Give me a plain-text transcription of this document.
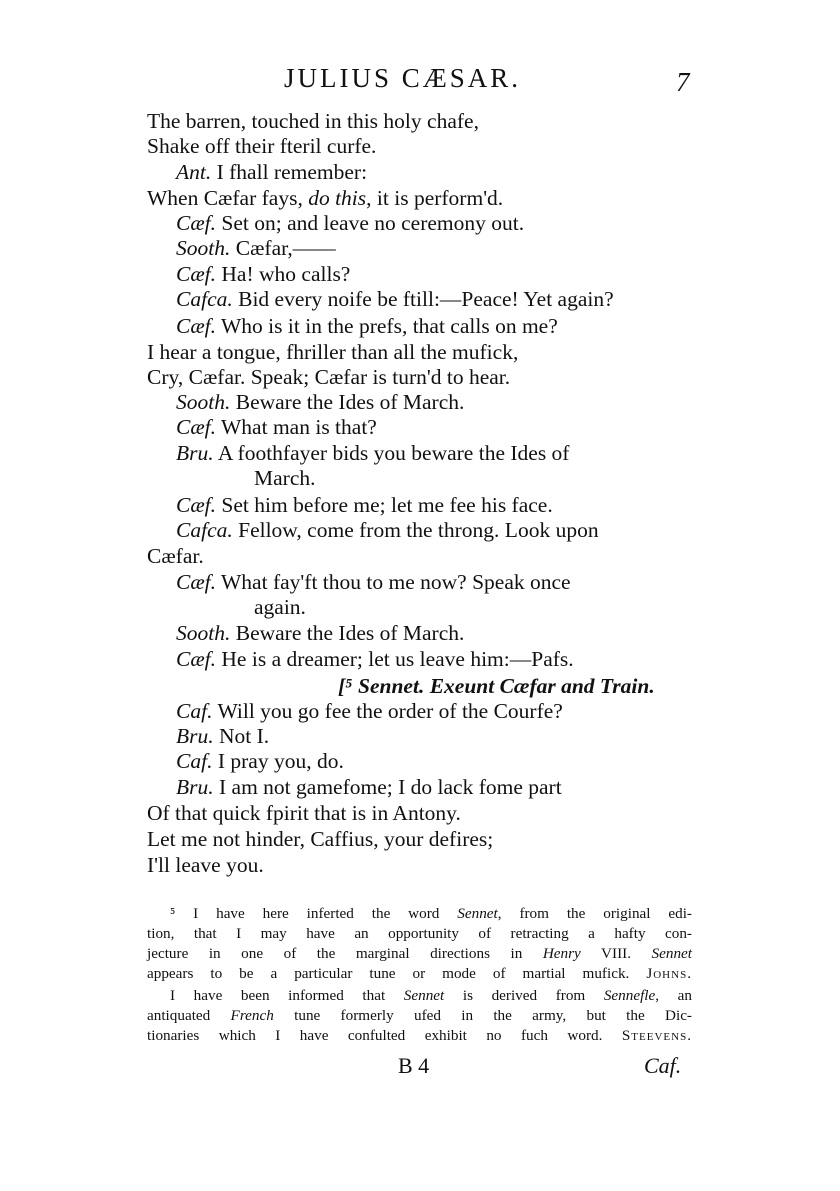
JULIUS CÆSAR.	7
The barren, touched in this holy chafe,
Shake off their fteril curfe.
Ant. I fhall remember:
When Cæfar fays, do this, it is perform'd.
Cæf. Set on; and leave no ceremony out.
Sooth. Cæfar,——
Cæf. Ha! who calls?
Cafca. Bid every noife be ftill:—Peace! Yet again?
Cæf. Who is it in the prefs, that calls on me?
I hear a tongue, fhriller than all the mufick,
Cry, Cæfar. Speak; Cæfar is turn'd to hear.
Sooth. Beware the Ides of March.
Cæf. What man is that?
Bru. A foothfayer bids you beware the Ides of
March.
Cæf. Set him before me; let me fee his face.
Cafca. Fellow, come from the throng. Look upon
Cæfar.
Cæf. What fay'ft thou to me now? Speak once
again.
Sooth. Beware the Ides of March.
Cæf. He is a dreamer; let us leave him:—Pafs.
[⁵ Sennet. Exeunt Cæfar and Train.
Caf. Will you go fee the order of the Courfe?
Bru. Not I.
Caf. I pray you, do.
Bru. I am not gamefome; I do lack fome part
Of that quick fpirit that is in Antony.
Let me not hinder, Caffius, your defires;
I'll leave you.
⁵ I have here inferted the word Sennet, from the original edi-
tion, that I may have an opportunity of retracting a hafty con-
jecture in one of the marginal directions in Henry VIII. Sennet
appears to be a particular tune or mode of martial mufick. Johns.
I have been informed that Sennet is derived from Sennefle, an
antiquated French tune formerly ufed in the army, but the Dic-
tionaries which I have confulted exhibit no fuch word. Steevens.
B 4	Caf.
